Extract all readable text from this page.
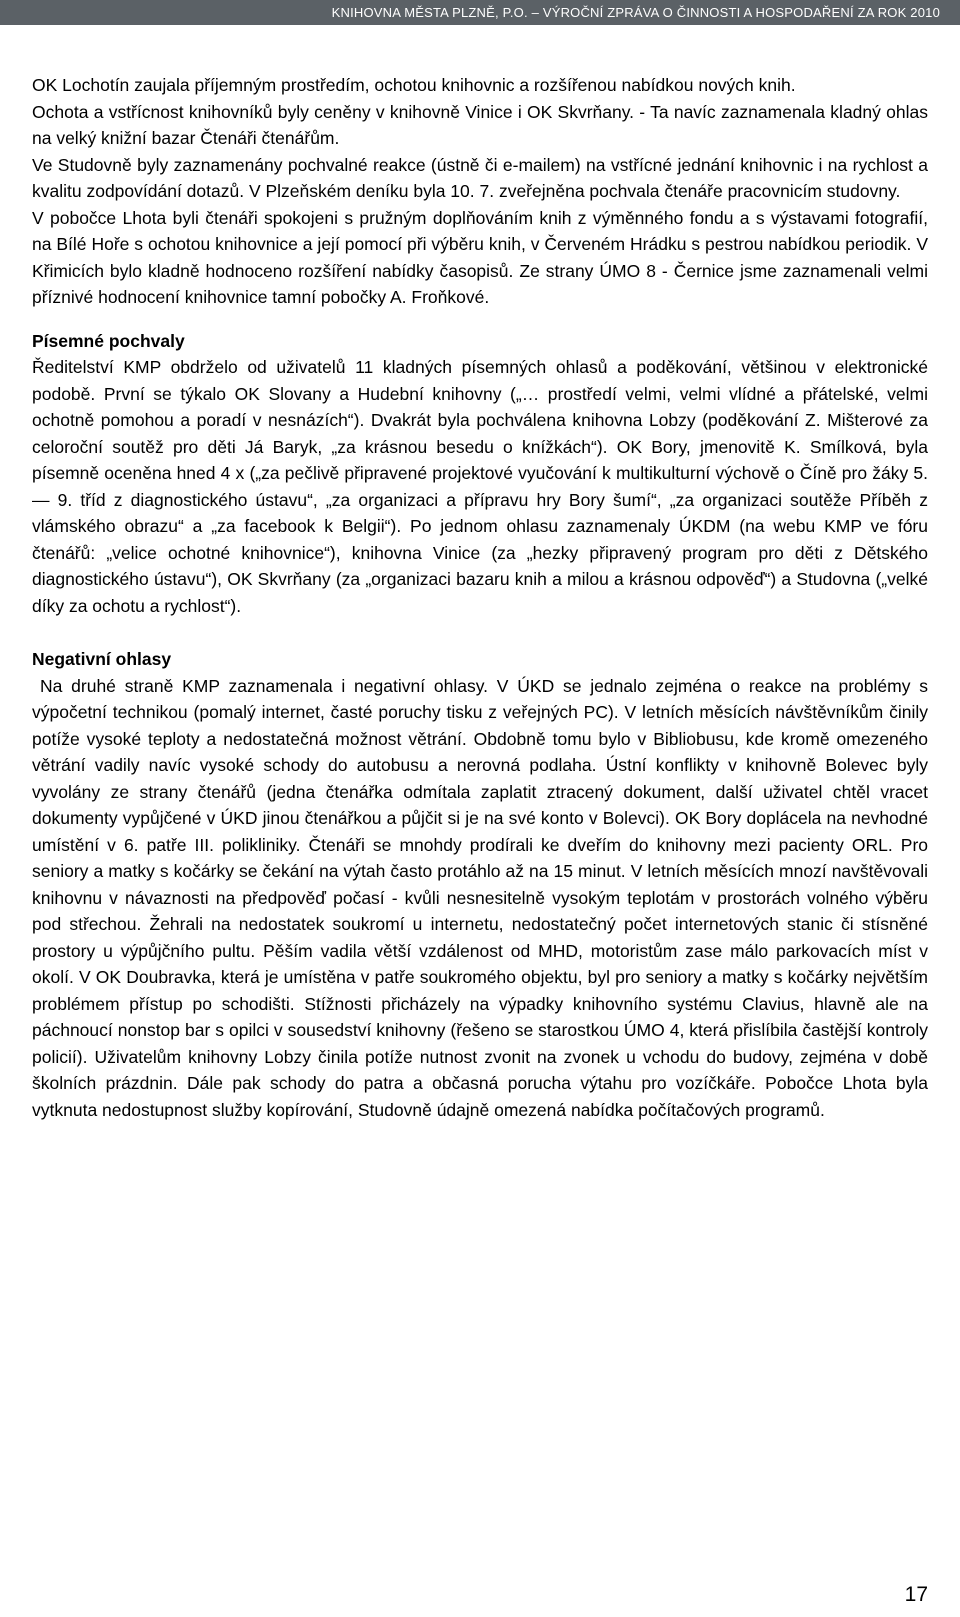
KNIHOVNA MĚSTA PLZNĚ, P.O. – VÝROČNÍ ZPRÁVA O ČINNOSTI A HOSPODAŘENÍ ZA ROK 2010

OK Lochotín zaujala příjemným prostředím, ochotou knihovnic a rozšířenou nabídkou nových knih.

Ochota a vstřícnost knihovníků byly ceněny v knihovně Vinice i OK Skvrňany. - Ta navíc zaznamenala kladný ohlas na velký knižní bazar Čtenáři čtenářům.

Ve Studovně byly zaznamenány pochvalné reakce (ústně či e-mailem) na vstřícné jednání knihovnic i na rychlost a kvalitu zodpovídání dotazů. V Plzeňském deníku byla 10. 7. zveřejněna pochvala čtenáře pracovnicím studovny.

V pobočce Lhota byli čtenáři spokojeni s pružným doplňováním knih z výměnného fondu a s výstavami fotografií, na Bílé Hoře s ochotou knihovnice a její pomocí při výběru knih, v Červeném Hrádku s pestrou nabídkou periodik. V Křimicích bylo kladně hodnoceno rozšíření nabídky časopisů. Ze strany ÚMO 8 - Černice jsme zaznamenali velmi příznivé hodnocení knihovnice tamní pobočky A. Froňkové.

Písemné pochvaly

Ředitelství KMP obdrželo od uživatelů 11 kladných písemných ohlasů a poděkování, většinou v elektronické podobě. První se týkalo OK Slovany a Hudební knihovny („… prostředí velmi, velmi vlídné a přátelské, velmi ochotně pomohou a poradí v nesnázích“). Dvakrát byla pochválena knihovna Lobzy (poděkování Z. Mišterové za celoroční soutěž pro děti Já Baryk, „za krásnou besedu o knížkách“). OK Bory, jmenovitě K. Smílková, byla písemně oceněna hned 4 x („za pečlivě připravené projektové vyučování k multikulturní výchově o Číně pro žáky 5. — 9. tříd z diagnostického ústavu“, „za organizaci a přípravu hry Bory šumí“, „za organizaci soutěže Příběh z vlámského obrazu“ a „za facebook k Belgii“). Po jednom ohlasu zaznamenaly ÚKDM (na webu KMP ve fóru čtenářů: „velice ochotné knihovnice“), knihovna Vinice (za „hezky připravený program pro děti z Dětského diagnostického ústavu“), OK Skvrňany (za „organizaci bazaru knih a milou a krásnou odpověď“) a Studovna („velké díky za ochotu a rychlost“).

Negativní ohlasy

Na druhé straně KMP zaznamenala i negativní ohlasy. V ÚKD se jednalo zejména o reakce na problémy s výpočetní technikou (pomalý internet, časté poruchy tisku z veřejných PC). V letních měsících návštěvníkům činily potíže vysoké teploty a nedostatečná možnost větrání. Obdobně tomu bylo v Bibliobusu, kde kromě omezeného větrání vadily navíc vysoké schody do autobusu a nerovná podlaha. Ústní konflikty v knihovně Bolevec byly vyvolány ze strany čtenářů (jedna čtenářka odmítala zaplatit ztracený dokument, další uživatel chtěl vracet dokumenty vypůjčené v ÚKD jinou čtenářkou a půjčit si je na své konto v Bolevci). OK Bory doplácela na nevhodné umístění v 6. patře III. polikliniky. Čtenáři se mnohdy prodírali ke dveřím do knihovny mezi pacienty ORL. Pro seniory a matky s kočárky se čekání na výtah často protáhlo až na 15 minut. V letních měsících mnozí navštěvovali knihovnu v návaznosti na předpověď počasí - kvůli nesnesitelně vysokým teplotám v prostorách volného výběru pod střechou. Žehrali na nedostatek soukromí u internetu, nedostatečný počet internetových stanic či stísněné prostory u výpůjčního pultu. Pěším vadila větší vzdálenost od MHD, motoristům zase málo parkovacích míst v okolí. V OK Doubravka, která je umístěna v patře soukromého objektu, byl pro seniory a matky s kočárky největším problémem přístup po schodišti. Stížnosti přicházely na výpadky knihovního systému Clavius, hlavně ale na páchnoucí nonstop bar s opilci v sousedství knihovny (řešeno se starostkou ÚMO 4, která přislíbila častější kontroly policií). Uživatelům knihovny Lobzy činila potíže nutnost zvonit na zvonek u vchodu do budovy, zejména v době školních prázdnin. Dále pak schody do patra a občasná porucha výtahu pro vozíčkáře. Pobočce Lhota byla vytknuta nedostupnost služby kopírování, Studovně údajně omezená nabídka počítačových programů.

17
